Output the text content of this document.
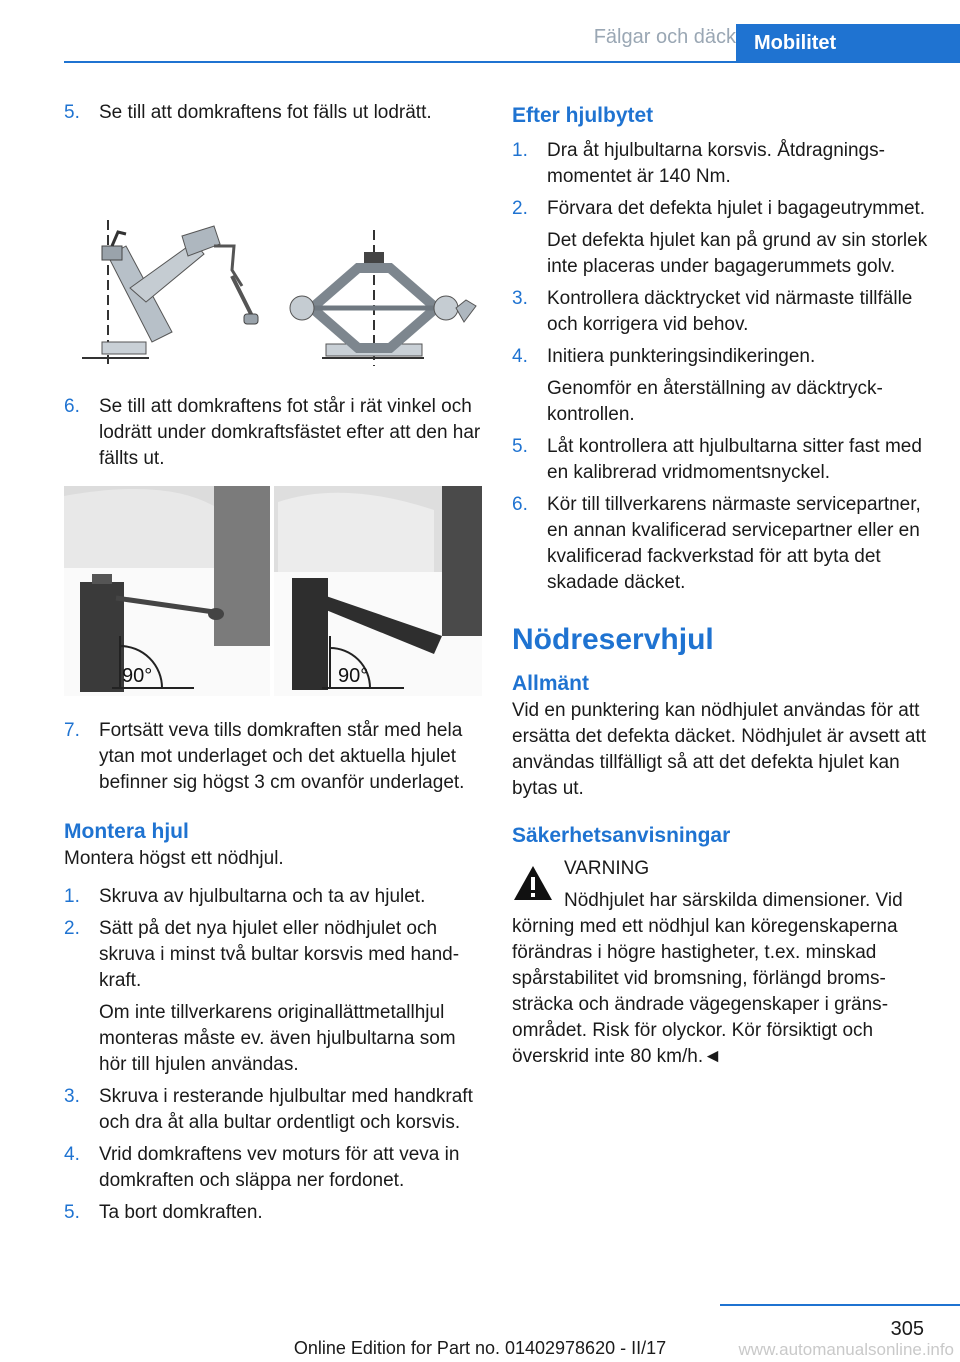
Fälgar och däck Mobilitet
5. Se till att domkraftens fot fälls ut lodrätt.
6. Se till att domkraftens fot står i rät vinkel och lodrätt under domkraftsfästet efter att den har fällts ut.
90°	90°
7. Fortsätt veva tills domkraften står med hela ytan mot underlaget och det aktuella hjulet befinner sig högst 3 cm ovanför underlaget.
Montera hjul
Montera högst ett nödhjul.
1. Skruva av hjulbultarna och ta av hjulet.
2. Sätt på det nya hjulet eller nödhjulet och skruva i minst två bultar korsvis med handkraft.
Om inte tillverkarens originallättmetallhjul monteras måste ev. även hjulbultarna som hör till hjulen användas.
3. Skruva i resterande hjulbultar med handkraft och dra åt alla bultar ordentligt och korsvis.
4. Vrid domkraftens vev moturs för att veva in domkraften och släppa ner fordonet.
5. Ta bort domkraften.
Efter hjulbytet
1. Dra åt hjulbultarna korsvis. Åtdragningsmomentet är 140 Nm.
2. Förvara det defekta hjulet i bagageutrymmet.
Det defekta hjulet kan på grund av sin storlek inte placeras under bagagerummets golv.
3. Kontrollera däcktrycket vid närmaste tillfälle och korrigera vid behov.
4. Initiera punkteringsindikeringen.
Genomför en återställning av däcktryckkontrollen.
5. Låt kontrollera att hjulbultarna sitter fast med en kalibrerad vridmomentsnyckel.
6. Kör till tillverkarens närmaste servicepartner, en annan kvalificerad servicepartner eller en kvalificerad fackverkstad för att byta det skadade däcket.
Nödreservhjul
Allmänt
Vid en punktering kan nödhjulet användas för att ersätta det defekta däcket. Nödhjulet är avsett att användas tillfälligt så att det defekta hjulet kan bytas ut.
Säkerhetsanvisningar
VARNING
Nödhjulet har särskilda dimensioner. Vid körning med ett nödhjul kan köregenskaperna förändras i högre hastigheter, t.ex. minskad spårstabilitet vid bromsning, förlängd bromssträcka och ändrade vägegenskaper i gränsområdet. Risk för olyckor. Kör försiktigt och överskrid inte 80 km/h.◄
305
Online Edition for Part no. 01402978620 - II/17	www.automanualsonline.info
